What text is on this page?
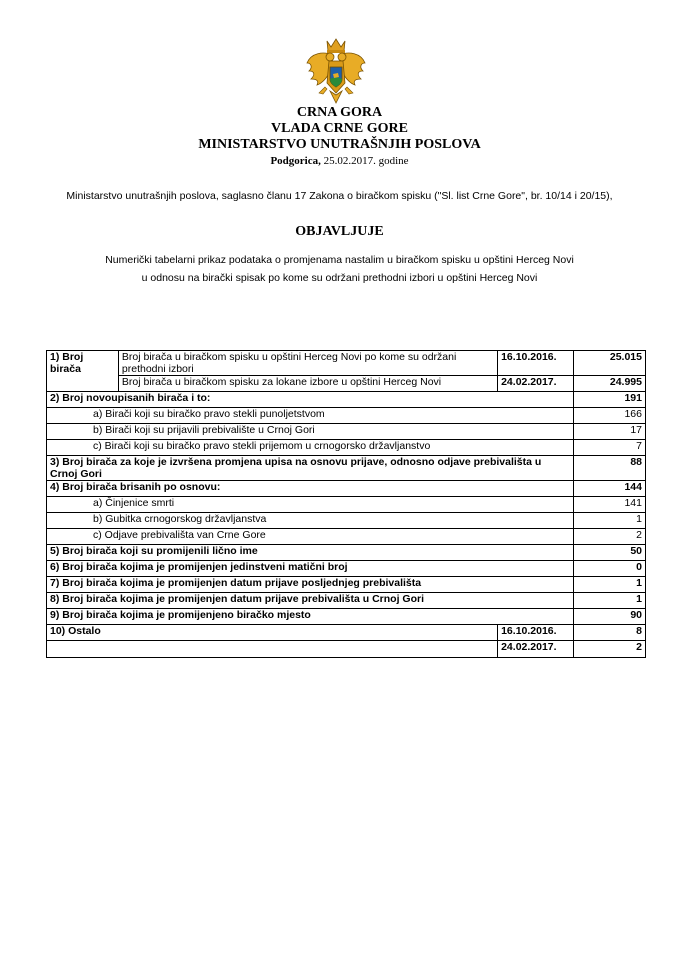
CRNA GORA
VLADA CRNE GORE
MINISTARSTVO UNUTRAŠNJIH POSLOVA
Podgorica, 25.02.2017. godine
Ministarstvo unutrašnjih poslova, saglasno članu 17 Zakona o biračkom spisku ("Sl. list Crne Gore", br. 10/14 i 20/15),
OBJAVLJUJE
Numerički tabelarni prikaz podataka o promjenama nastalim u biračkom spisku u opštini Herceg Novi
u odnosu na birački spisak po kome su održani prethodni izbori u opštini Herceg Novi
1) Broj birača	Broj birača u biračkom spisku u opštini Herceg Novi po kome su održani prethodni izbori	16.10.2016.	25.015
	Broj birača u biračkom spisku za lokane izbore u opštini Herceg Novi	24.02.2017.	24.995
2) Broj novoupisanih birača i to:			191
a) Birači koji su biračko pravo stekli punoljetstvom			166
b) Birači koji su prijavili prebivalište u Crnoj Gori			17
c) Birači koji su biračko pravo stekli prijemom u crnogorsko državljanstvo			7
3) Broj birača za koje je izvršena promjena upisa na osnovu prijave, odnosno odjave prebivališta u Crnoj Gori			88
4) Broj birača brisanih po osnovu:			144
a) Činjenice smrti			141
b) Gubitka crnogorskog državljanstva			1
c) Odjave prebivališta van Crne Gore			2
5) Broj birača koji su promijenili lično ime			50
6) Broj birača kojima je promijenjen jedinstveni matični broj			0
7) Broj birača kojima je promijenjen datum prijave posljednjeg prebivališta			1
8) Broj birača kojima je promijenjen datum prijave prebivališta u Crnoj Gori			1
9) Broj birača kojima je promijenjeno biračko mjesto			90
10) Ostalo		16.10.2016.	8
		24.02.2017.	2
